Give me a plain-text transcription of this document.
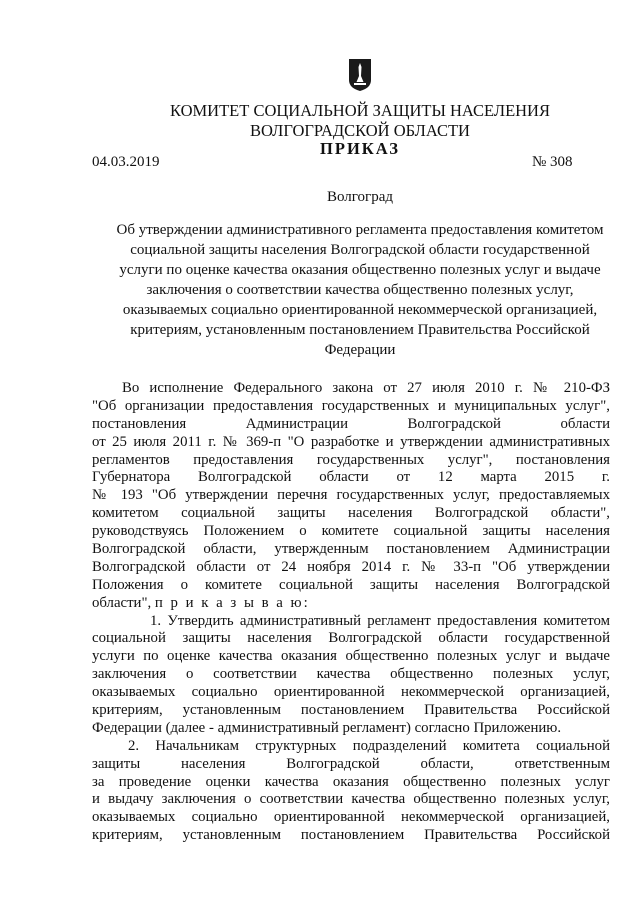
КОМИТЕТ СОЦИАЛЬНОЙ ЗАЩИТЫ НАСЕЛЕНИЯ
ВОЛГОГРАДСКОЙ ОБЛАСТИ
ПРИКАЗ
04.03.2019	№ 308
Волгоград
Об утверждении административного регламента предоставления комитетом
социальной защиты населения Волгоградской области государственной
услуги по оценке качества оказания общественно полезных услуг и выдаче
заключения о соответствии качества общественно полезных услуг,
оказываемых социально ориентированной некоммерческой организацией,
критериям, установленным постановлением Правительства Российской
Федерации
Во исполнение Федерального закона от 27 июля 2010 г. № 210-ФЗ
"Об организации предоставления государственных и муниципальных услуг",
постановления Администрации Волгоградской области
от 25 июля 2011 г. № 369-п "О разработке и утверждении административных
регламентов предоставления государственных услуг", постановления
Губернатора Волгоградской области от 12 марта 2015 г.
№ 193 "Об утверждении перечня государственных услуг, предоставляемых
комитетом социальной защиты населения Волгоградской области",
руководствуясь Положением о комитете социальной защиты населения
Волгоградской области, утвержденным постановлением Администрации
Волгоградской области от 24 ноября 2014 г. № 33-п "Об утверждении
Положения о комитете социальной защиты населения Волгоградской
области", п р и к а з ы в а ю:
1. Утвердить административный регламент предоставления комитетом
социальной защиты населения Волгоградской области государственной
услуги по оценке качества оказания общественно полезных услуг и выдаче
заключения о соответствии качества общественно полезных услуг,
оказываемых социально ориентированной некоммерческой организацией,
критериям, установленным постановлением Правительства Российской
Федерации (далее - административный регламент) согласно Приложению.
2. Начальникам структурных подразделений комитета социальной
защиты населения Волгоградской области, ответственным
за проведение оценки качества оказания общественно полезных услуг
и выдачу заключения о соответствии качества общественно полезных услуг,
оказываемых социально ориентированной некоммерческой организацией,
критериям, установленным постановлением Правительства Российской
